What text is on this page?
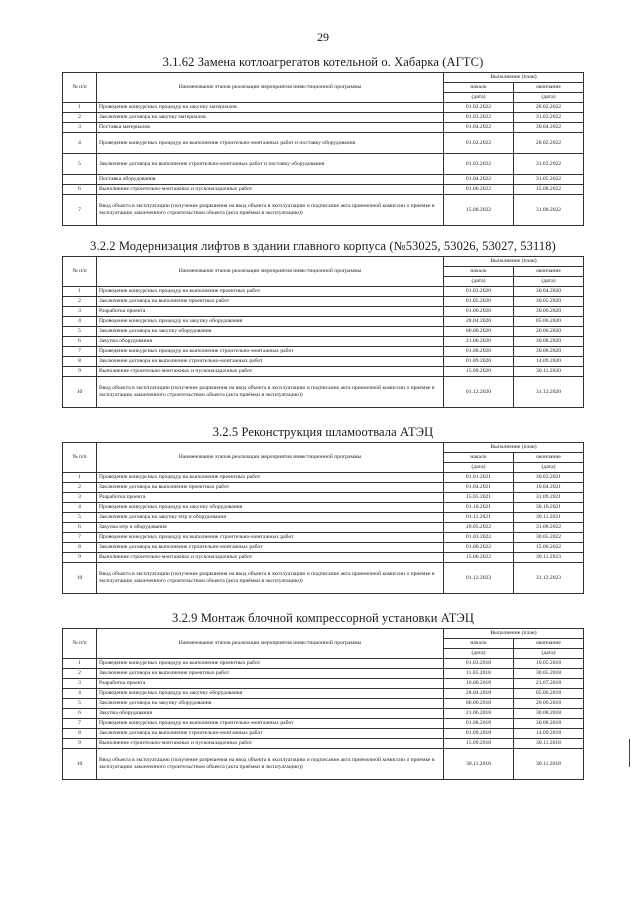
29
3.1.62 Замена котлоагрегатов котельной о. Хабарка (АГТС)
№ п/п	Наименование этапов реализации мероприятия инвестиционной программы	Выполнение (план)	
		начало	окончание
		(дата)	(дата)
1	Проведение конкурсных процедур на закупку материалов	01.02.2022	28.02.2022
2	Заключение договора на закупку материалов	01.03.2022	31.03.2022
3	Поставка материалов	01.04.2022	30.04.2022
4	Проведение конкурсных процедур на выполнение строительно-монтажных работ и поставку оборудования	01.02.2022	28.02.2022
5	Заключение договора на выполнение строительно-монтажных работ и поставку оборудования	01.03.2022	31.03.2022
	Поставка оборудования	01.04.2022	31.05.2022
6	Выполнение строительно-монтажных и пусконаладочных работ	01.06.2022	15.08.2022
7	Ввод объекта в эксплуатацию (получение разрешения на ввод объекта в эксплуатацию и подписание акта приемочной комиссии о приемке в эксплуатацию законченного строительством объекта (акта приёмки в эксплуатацию))	15.08.2022	31.08.2022
3.2.2 Модернизация лифтов в здании главного корпуса (№53025, 53026, 53027, 53118)
№ п/п	Наименование этапов реализации мероприятия инвестиционной программы	Выполнение (план)	
		начало	окончание
		(дата)	(дата)
1	Проведение конкурсных процедур на выполнение проектных работ	01.03.2020	30.04.2020
2	Заключение договора на выполнение проектных работ	01.05.2020	30.05.2020
3	Разработка проекта	01.06.2020	30.06.2020
4	Проведение конкурсных процедур на закупку оборудования	28.04.2020	05.06.2020
5	Заключение договора на закупку оборудования	06.06.2020	20.06.2020
6	Закупка оборудования	21.06.2020	30.08.2020
7	Проведение конкурсных процедур на выполнение строительно-монтажных работ	01.08.2020	30.08.2020
8	Заключение договора на выполнение строительно-монтажных работ	01.09.2020	14.09.2020
9	Выполнение строительно-монтажных и пусконаладочных работ	15.09.2020	30.11.2020
10	Ввод объекта в эксплуатацию (получение разрешения на ввод объекта в эксплуатацию и подписание акта приемочной комиссии о приемке в эксплуатацию законченного строительством объекта (акта приёмки в эксплуатацию))	01.12.2020	31.12.2020
3.2.5 Реконструкция шламоотвала АТЭЦ
№ п/п	Наименование этапов реализации мероприятия инвестиционной программы	Выполнение (план)	
		начало	окончание
		(дата)	(дата)
1	Проведение конкурсных процедур на выполнение проектных работ	01.01.2021	30.03.2021
2	Заключение договора на выполнение проектных работ	01.04.2021	10.04.2021
3	Разработка проекта	15.05.2021	31.09.2021
4	Проведение конкурсных процедур на закупку оборудования	01.10.2021	30.10.2021
5	Заключение договора на закупку мтр и оборудования	01.11.2021	30.11.2021
6	Закупка мтр и оборудования	20.05.2022	31.08.2022
7	Проведение конкурсных процедур на выполнение строительно-монтажных работ	01.03.2022	30.05.2022
8	Заключение договора на выполнение строительно-монтажных работ	01.06.2022	15.06.2022
9	Выполнение строительно-монтажных и пусконаладочных работ	15.06.2022	30.11.2023
10	Ввод объекта в эксплуатацию (получение разрешения на ввод объекта в эксплуатацию и подписание акта приемочной комиссии о приемке в эксплуатацию законченного строительством объекта (акта приёмки в эксплуатацию))	01.12.2023	31.12.2023
3.2.9 Монтаж блочной компрессорной установки АТЭЦ
№ п/п	Наименование этапов реализации мероприятия инвестиционной программы	Выполнение (план)	
		начало	окончание
		(дата)	(дата)
1	Проведение конкурсных процедур на выполнение проектных работ	01.03.2018	10.05.2018
2	Заключение договора на выполнение проектных работ	11.05.2018	30.05.2018
3	Разработка проекта	10.06.2018	21.07.2018
4	Проведение конкурсных процедур на закупку оборудования	28.04.2018	05.06.2018
5	Заключение договора на закупку оборудования	06.06.2018	20.06.2018
6	Закупка оборудования	21.06.2018	30.08.2018
7	Проведение конкурсных процедур на выполнение строительно-монтажных работ	01.08.2018	30.08.2018
8	Заключение договора на выполнение строительно-монтажных работ	01.09.2018	14.09.2018
9	Выполнение строительно-монтажных и пусконаладочных работ	15.09.2018	30.11.2018
10	Ввод объекта в эксплуатацию (получение разрешения на ввод объекта в эксплуатацию и подписание акта приемочной комиссии о приемке в эксплуатацию законченного строительством объекта (акта приёмки в эксплуатацию))	30.11.2018	30.11.2018
